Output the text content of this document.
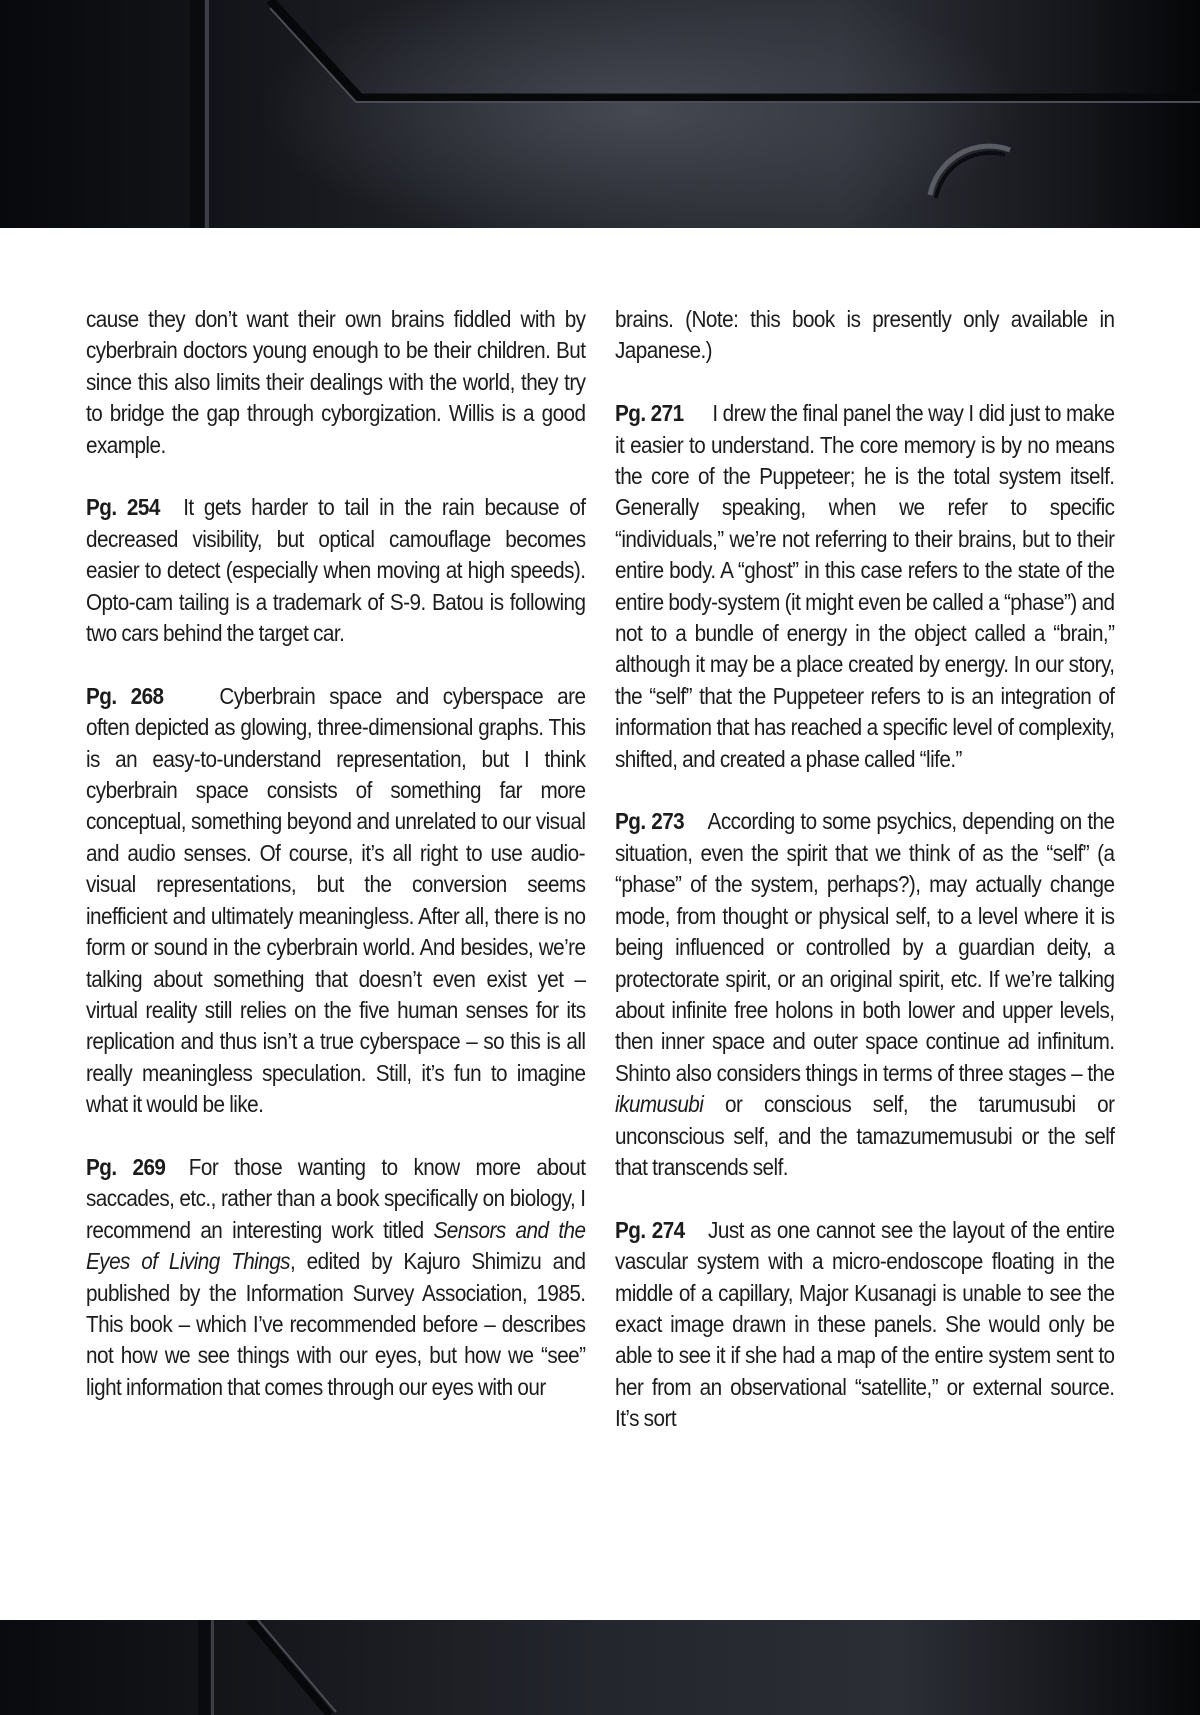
cause they don’t want their own brains fiddled with by cyberbrain doctors young enough to be their children. But since this also limits their dealings with the world, they try to bridge the gap through cyborgization. Willis is a good example.

Pg. 254 It gets harder to tail in the rain because of decreased visibility, but optical camouflage becomes easier to detect (especially when moving at high speeds). Opto-cam tailing is a trademark of S-9. Batou is following two cars behind the target car.

Pg. 268 Cyberbrain space and cyberspace are often depicted as glowing, three-dimensional graphs. This is an easy-to-understand representation, but I think cyberbrain space consists of something far more conceptual, something beyond and unrelated to our visual and audio senses. Of course, it’s all right to use audiovisual representations, but the conversion seems inefficient and ultimately meaningless. After all, there is no form or sound in the cyberbrain world. And besides, we’re talking about something that doesn’t even exist yet – virtual reality still relies on the five human senses for its replication and thus isn’t a true cyberspace – so this is all really meaningless speculation. Still, it’s fun to imagine what it would be like.

Pg. 269 For those wanting to know more about saccades, etc., rather than a book specifically on biology, I recommend an interesting work titled Sensors and the Eyes of Living Things, edited by Kajuro Shimizu and published by the Information Survey Association, 1985. This book – which I’ve recommended before – describes not how we see things with our eyes, but how we “see” light information that comes through our eyes with our

brains. (Note: this book is presently only available in Japanese.)

Pg. 271 I drew the final panel the way I did just to make it easier to understand. The core memory is by no means the core of the Puppeteer; he is the total system itself. Generally speaking, when we refer to specific “individuals,” we’re not referring to their brains, but to their entire body. A “ghost” in this case refers to the state of the entire body-system (it might even be called a “phase”) and not to a bundle of energy in the object called a “brain,” although it may be a place created by energy. In our story, the “self” that the Puppeteer refers to is an integration of information that has reached a specific level of complexity, shifted, and created a phase called “life.”

Pg. 273 According to some psychics, depending on the situation, even the spirit that we think of as the “self” (a “phase” of the system, perhaps?), may actually change mode, from thought or physical self, to a level where it is being influenced or controlled by a guardian deity, a protectorate spirit, or an original spirit, etc. If we’re talking about infinite free holons in both lower and upper levels, then inner space and outer space continue ad infinitum. Shinto also considers things in terms of three stages – the ikumusubi or conscious self, the tarumusubi or unconscious self, and the tamazumemusubi or the self that transcends self.

Pg. 274 Just as one cannot see the layout of the entire vascular system with a micro-endoscope floating in the middle of a capillary, Major Kusanagi is unable to see the exact image drawn in these panels. She would only be able to see it if she had a map of the entire system sent to her from an observational “satellite,” or external source. It’s sort
